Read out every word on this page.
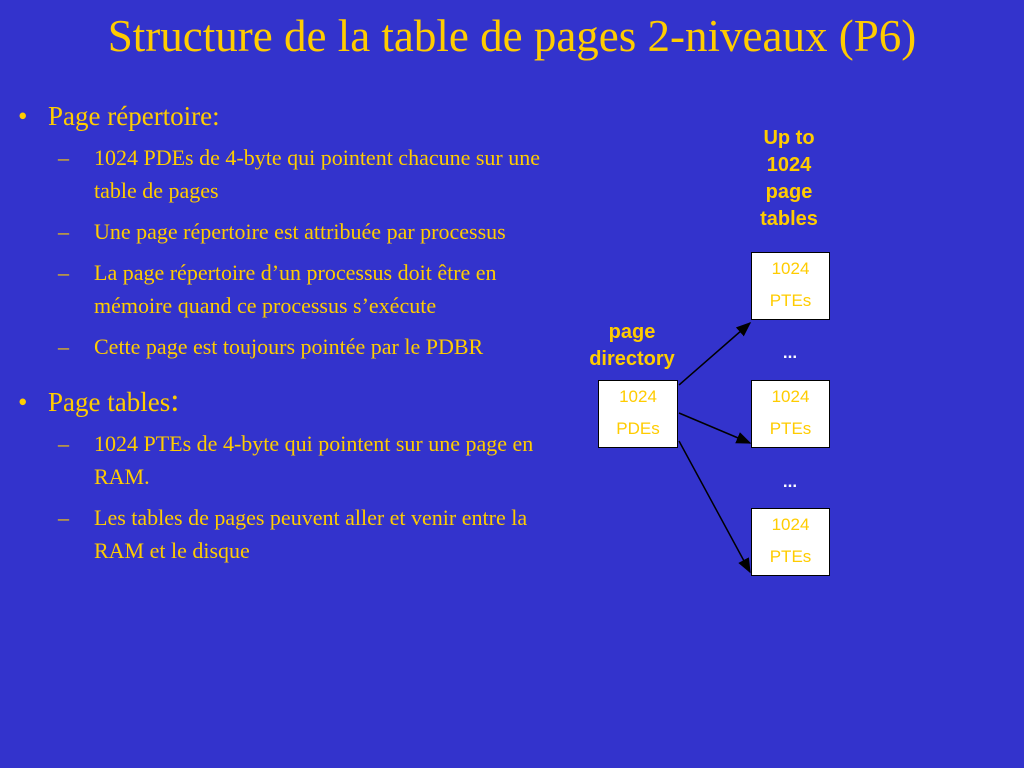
Structure de la table de pages 2-niveaux (P6)
• Page répertoire:
– 1024 PDEs de 4-byte qui pointent chacune sur une table de pages
– Une page répertoire est attribuée par processus
– La page répertoire d’un processus doit être en mémoire quand ce processus s’exécute
– Cette page est toujours pointée par le PDBR
• Page tables:
– 1024 PTEs de 4-byte qui pointent sur une page en RAM.
– Les tables de pages peuvent aller et venir entre la RAM et le disque
Up to
1024
page
tables
page
directory
1024
PDEs
1024
PTEs
...
1024
PTEs
...
1024
PTEs
